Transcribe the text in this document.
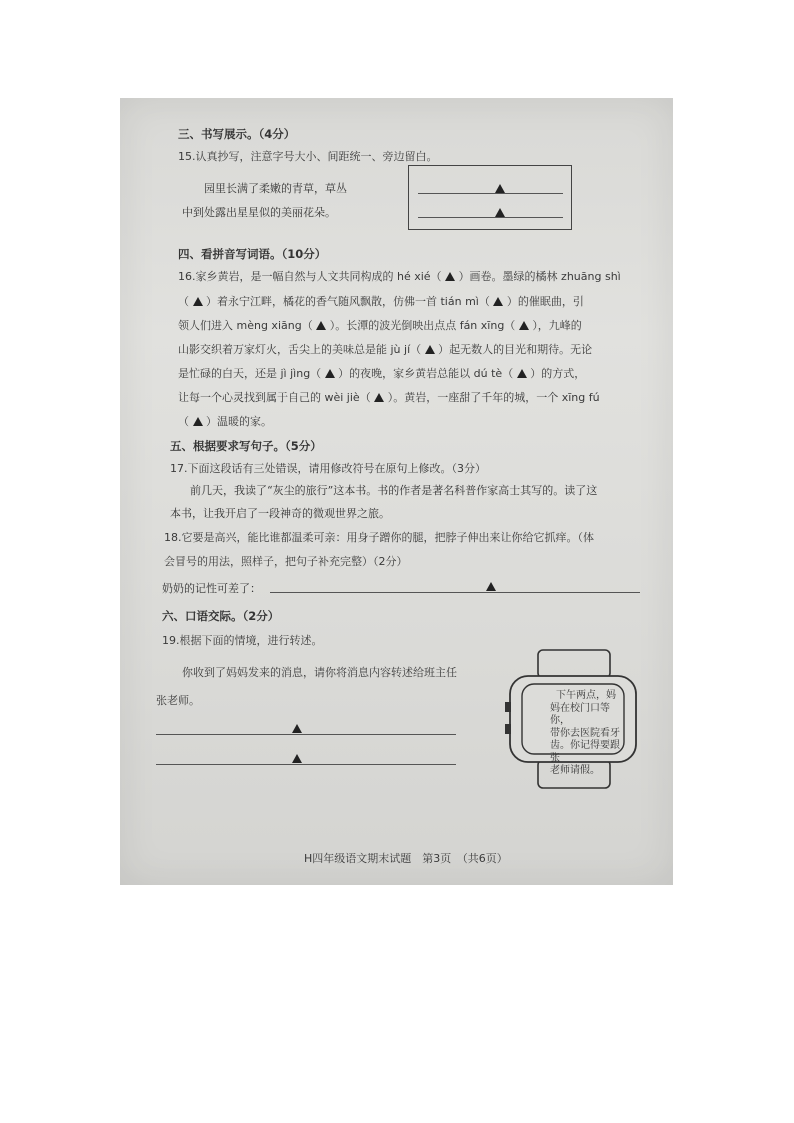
三、书写展示。（4分）
15.认真抄写，注意字号大小、间距统一、旁边留白。
园里长满了柔嫩的青草，草丛
中到处露出星星似的美丽花朵。
四、看拼音写词语。（10分）
16.家乡黄岩，是一幅自然与人文共同构成的 hé xié（ ）画卷。墨绿的橘林 zhuāng shì
（ ）着永宁江畔，橘花的香气随风飘散，仿佛一首 tián mì（ ）的催眠曲，引
领人们进入 mèng xiāng（ ）。长潭的波光倒映出点点 fán xīng（ ），九峰的
山影交织着万家灯火，舌尖上的美味总是能 jù jí（ ）起无数人的目光和期待。无论
是忙碌的白天，还是 jì jìng（ ）的夜晚，家乡黄岩总能以 dú tè（ ）的方式，
让每一个心灵找到属于自己的 wèi jiè（ ）。黄岩，一座甜了千年的城，一个 xīng fú
（ ）温暖的家。
五、根据要求写句子。（5分）
17.下面这段话有三处错误，请用修改符号在原句上修改。（3分）
前几天，我读了“灰尘的旅行”这本书。书的作者是著名科普作家高士其写的。读了这
本书，让我开启了一段神奇的微观世界之旅。
18.它要是高兴，能比谁都温柔可亲：用身子蹭你的腿，把脖子伸出来让你给它抓痒。（体
会冒号的用法，照样子，把句子补充完整）（2分）
奶奶的记性可差了：
六、口语交际。（2分）
19.根据下面的情境，进行转述。
你收到了妈妈发来的消息，请你将消息内容转述给班主任
张老师。	下午两点，妈
妈在校门口等你，
带你去医院看牙
齿。你记得要跟张
老师请假。
H四年级语文期末试题　第3页　（共6页）
